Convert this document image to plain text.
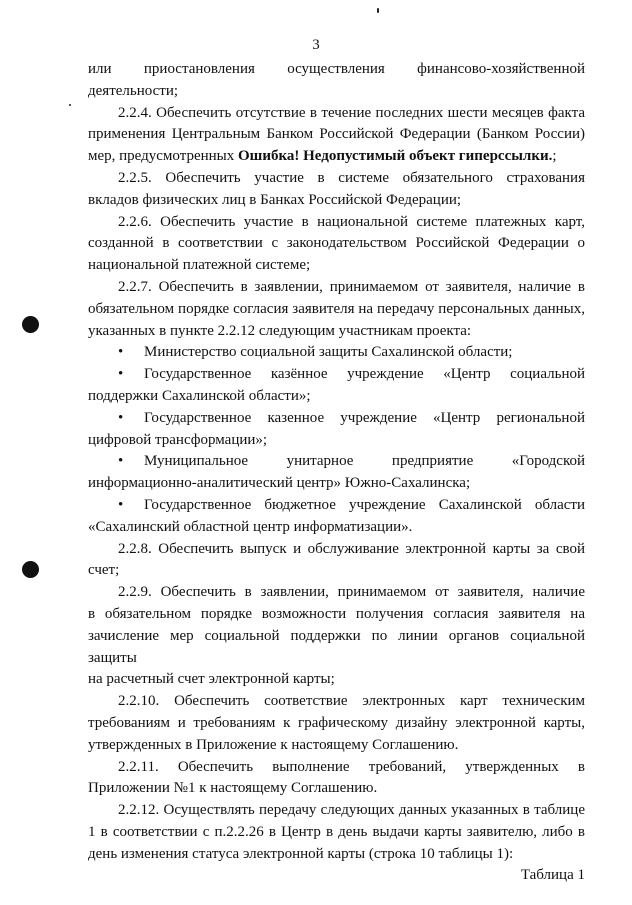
3

или приостановления осуществления финансово-хозяйственной
деятельности;

2.2.4. Обеспечить отсутствие в течение последних шести месяцев факта
применения Центральным Банком Российской Федерации (Банком России)
мер, предусмотренных Ошибка! Недопустимый объект гиперссылки.;

2.2.5. Обеспечить участие в системе обязательного страхования
вкладов физических лиц в Банках Российской Федерации;

2.2.6. Обеспечить участие в национальной системе платежных карт,
созданной в соответствии с законодательством Российской Федерации о
национальной платежной системе;

2.2.7. Обеспечить в заявлении, принимаемом от заявителя, наличие в
обязательном порядке согласия заявителя на передачу персональных данных,
указанных в пункте 2.2.12 следующим участникам проекта:

• Министерство социальной защиты Сахалинской области;

• Государственное казённое учреждение «Центр социальной
поддержки Сахалинской области»;

• Государственное казенное учреждение «Центр региональной
цифровой трансформации»;

• Муниципальное унитарное предприятие «Городской
информационно-аналитический центр» Южно-Сахалинска;

• Государственное бюджетное учреждение Сахалинской области
«Сахалинский областной центр информатизации».

2.2.8. Обеспечить выпуск и обслуживание электронной карты за свой
счет;

2.2.9. Обеспечить в заявлении, принимаемом от заявителя, наличие
в обязательном порядке возможности получения согласия заявителя на
зачисление мер социальной поддержки по линии органов социальной защиты
на расчетный счет электронной карты;

2.2.10. Обеспечить соответствие электронных карт техническим
требованиям и требованиям к графическому дизайну электронной карты,
утвержденных в Приложение к настоящему Соглашению.

2.2.11. Обеспечить выполнение требований, утвержденных в
Приложении №1 к настоящему Соглашению.

2.2.12. Осуществлять передачу следующих данных указанных в таблице
1 в соответствии с п.2.2.26 в Центр в день выдачи карты заявителю, либо в
день изменения статуса электронной карты (строка 10 таблицы 1):

Таблица 1
